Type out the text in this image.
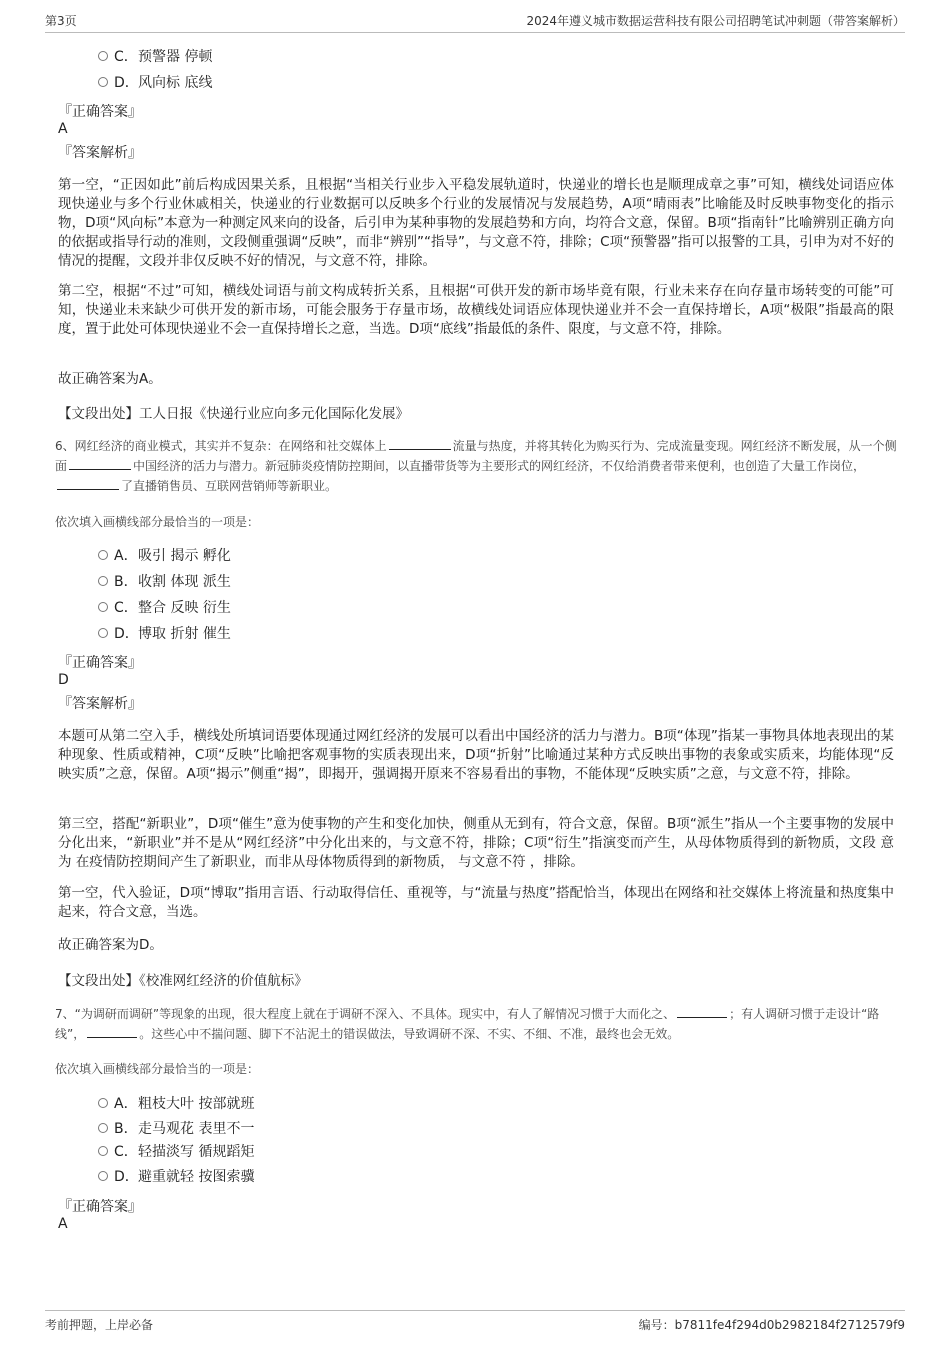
第3页	2024年遵义城市数据运营科技有限公司招聘笔试冲刺题（带答案解析）
C．预警器 停顿
D．风向标 底线
『正确答案』
A
『答案解析』

第一空，“正因如此”前后构成因果关系，且根据“当相关行业步入平稳发展轨道时，快递业的增长也是顺理成章之事”可知，横线处词语应体现快递业与多个行业休戚相关，快递业的行业数据可以反映多个行业的发展情况与发展趋势，A项“晴雨表”比喻能及时反映事物变化的指示物，D项“风向标”本意为一种测定风来向的设备，后引申为某种事物的发展趋势和方向，均符合文意，保留。B项“指南针”比喻辨别正确方向的依据或指导行动的准则，文段侧重强调“反映”，而非“辨别”“指导”，与文意不符，排除；C项“预警器”指可以报警的工具，引申为对不好的情况的提醒，文段并非仅反映不好的情况，与文意不符，排除。

第二空，根据“不过”可知，横线处词语与前文构成转折关系，且根据“可供开发的新市场毕竟有限，行业未来存在向存量市场转变的可能”可知，快递业未来缺少可供开发的新市场，可能会服务于存量市场，故横线处词语应体现快递业并不会一直保持增长，A项“极限”指最高的限度，置于此处可体现快递业不会一直保持增长之意，当选。D项“底线”指最低的条件、限度，与文意不符，排除。

故正确答案为A。

【文段出处】工人日报《快递行业应向多元化国际化发展》

6、网红经济的商业模式，其实并不复杂：在网络和社交媒体上	流量与热度，并将其转化为购买行为、完成流量变现。网红经济不断发展，从一个侧面	中国经济的活力与潜力。新冠肺炎疫情防控期间，以直播带货等为主要形式的网红经济，不仅给消费者带来便利，也创造了大量工作岗位，了直播销售员、互联网营销师等新职业。

依次填入画横线部分最恰当的一项是：
A．吸引 揭示 孵化
B．收割 体现 派生
C．整合 反映 衍生
D．博取 折射 催生
『正确答案』
D
『答案解析』

本题可从第二空入手，横线处所填词语要体现通过网红经济的发展可以看出中国经济的活力与潜力。B项“体现”指某一事物具体地表现出的某种现象、性质或精神，C项“反映”比喻把客观事物的实质表现出来，D项“折射”比喻通过某种方式反映出事物的表象或实质来，均能体现“反映实质”之意，保留。A项“揭示”侧重“揭”，即揭开，强调揭开原来不容易看出的事物，不能体现“反映实质”之意，与文意不符，排除。

第三空，搭配“新职业”，D项“催生”意为使事物的产生和变化加快，侧重从无到有，符合文意，保留。B项“派生”指从一个主要事物的发展中分化出来，“新职业”并不是从“网红经济”中分化出来的，与文意不符，排除；C项“衍生”指演变而产生，从母体物质得到的新物质，文段 意为 在疫情防控期间产生了新职业，而非从母体物质得到的新物质， 与文意不符 ，排除。

第一空，代入验证，D项“博取”指用言语、行动取得信任、重视等，与“流量与热度”搭配恰当，体现出在网络和社交媒体上将流量和热度集中起来，符合文意，当选。

故正确答案为D。

【文段出处】《校准网红经济的价值航标》

7、“为调研而调研”等现象的出现，很大程度上就在于调研不深入、不具体。现实中，有人了解情况习惯于大而化之、	；有人调研习惯于走设计“路线”，	。这些心中不揣问题、脚下不沾泥土的错误做法，导致调研不深、不实、不细、不准，最终也会无效。

依次填入画横线部分最恰当的一项是：
A．粗枝大叶 按部就班
B．走马观花 表里不一
C．轻描淡写 循规蹈矩
D．避重就轻 按图索骥
『正确答案』
A
考前押题，上岸必备	编号：b7811fe4f294d0b2982184f2712579f9
